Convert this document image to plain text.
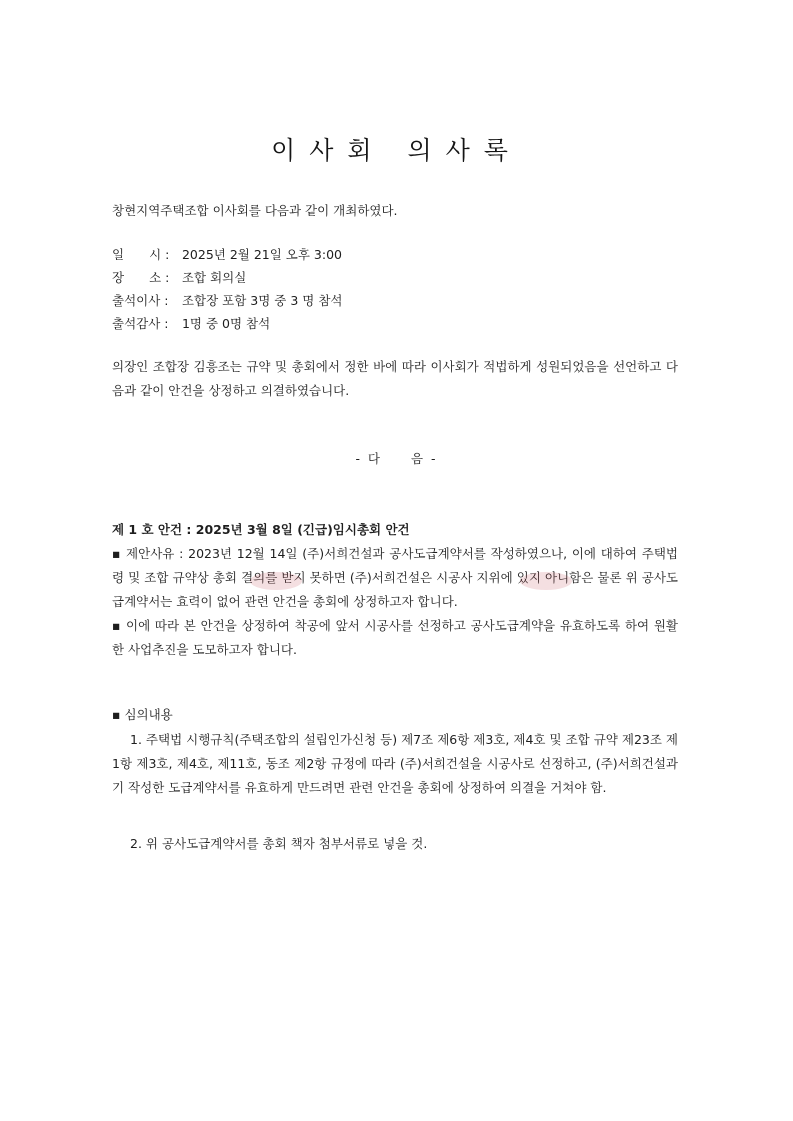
이사회 의사록
창현지역주택조합 이사회를 다음과 같이 개최하였다.
일　　시 : 2025년 2월 21일 오후 3:00
장　　소 : 조합 회의실
출석이사 : 조합장 포함 3명 중 3 명 참석
출석감사 : 1명 중 0명 참석
의장인 조합장 김흥조는 규약 및 총회에서 정한 바에 따라 이사회가 적법하게 성원되었음을 선언하고 다음과 같이 안건을 상정하고 의결하였습니다.
- 다　　음 -
제 1 호 안건 : 2025년 3월 8일 (긴급)임시총회 안건
▪ 제안사유 : 2023년 12월 14일 (주)서희건설과 공사도급계약서를 작성하였으나, 이에 대하여 주택법령 및 조합 규약상 총회 결의를 받지 못하면 (주)서희건설은 시공사 지위에 있지 아니함은 물론 위 공사도급계약서는 효력이 없어 관련 안건을 총회에 상정하고자 합니다.
▪ 이에 따라 본 안건을 상정하여 착공에 앞서 시공사를 선정하고 공사도급계약을 유효하도록 하여 원활한 사업추진을 도모하고자 합니다.
▪ 심의내용
1. 주택법 시행규칙(주택조합의 설립인가신청 등) 제7조 제6항 제3호, 제4호 및 조합 규약 제23조 제1항 제3호, 제4호, 제11호, 동조 제2항 규정에 따라 (주)서희건설을 시공사로 선정하고, (주)서희건설과 기 작성한 도급계약서를 유효하게 만드려면 관련 안건을 총회에 상정하여 의결을 거쳐야 함.
2. 위 공사도급계약서를 총회 책자 첨부서류로 넣을 것.
